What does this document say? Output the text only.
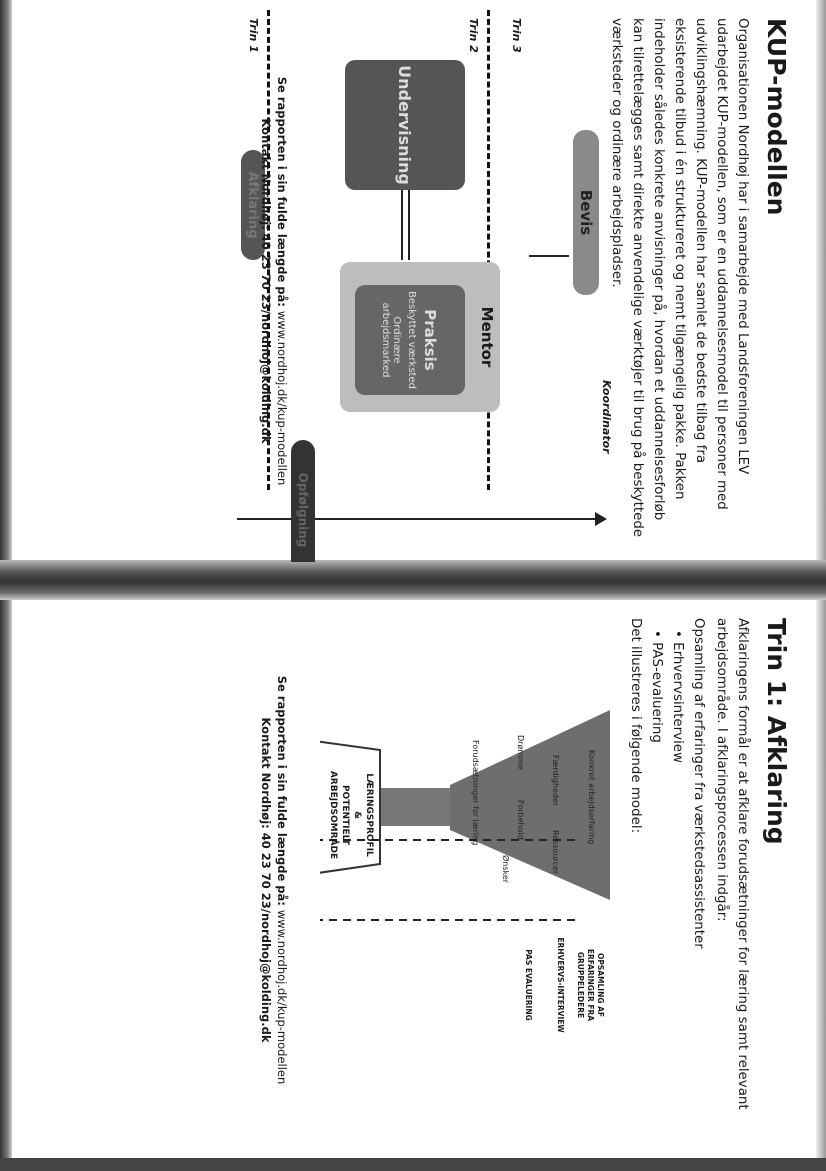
KUP-modellen
Organisationen Nordhøj har i samarbejde med Landsforeningen LEV udarbejdet KUP-modellen, som er en uddannelsesmodel til personer med udviklingshæmning. KUP-modellen har samlet de bedste tilbag fra eksisterende tilbud i én struktureret og nemt tilgængelig pakke. Pakken indeholder således konkrete anvisninger på, hvordan et uddannelsesforløb kan tilrettelægges samt direkte anvendelige værktøjer til brug på beskyttede værksteder og ordinære arbejdspladser.
Trin 3
Trin 2
Trin 1
Koordinator
Bevis
Undervisning
Mentor
Praksis
Beskyttet værksted
Ordinære arbejdsmarked
Afklaring
Opfølgning
Se rapporten i sin fulde længde på: www.nordhoj.dk/kup-modellen
Kontakt Nordhøj: 40 23 70 23/nordhoj@kolding.dk
Trin 1: Afklaring
Afklaringens formål er at afklare forudsætninger for læring samt relevant arbejdsområde. I afklaringsprocessen indgår:
Opsamling af erfaringer fra værkstedsassistenter
• Erhvervsinterview
• PAS-evaluering
Det illustreres i følgende model:
Konkret arbejdserfaring
Færdigheder
Ressourcer
Drømme
Forbehold
Ønsker
Forudsætninger for læring
OPSAMLING AF ERFARINGER FRA GRUPPELEDERE
ERHVERVS-INTERVIEW
PAS EVALUERING
LÆRINGSPROFIL
&
POTENTIELT
ARBEJDSOMRÅDE
Se rapporten i sin fulde længde på: www.nordhoj.dk/kup-modellen
Kontakt Nordhøj: 40 23 70 23/nordhoj@kolding.dk
